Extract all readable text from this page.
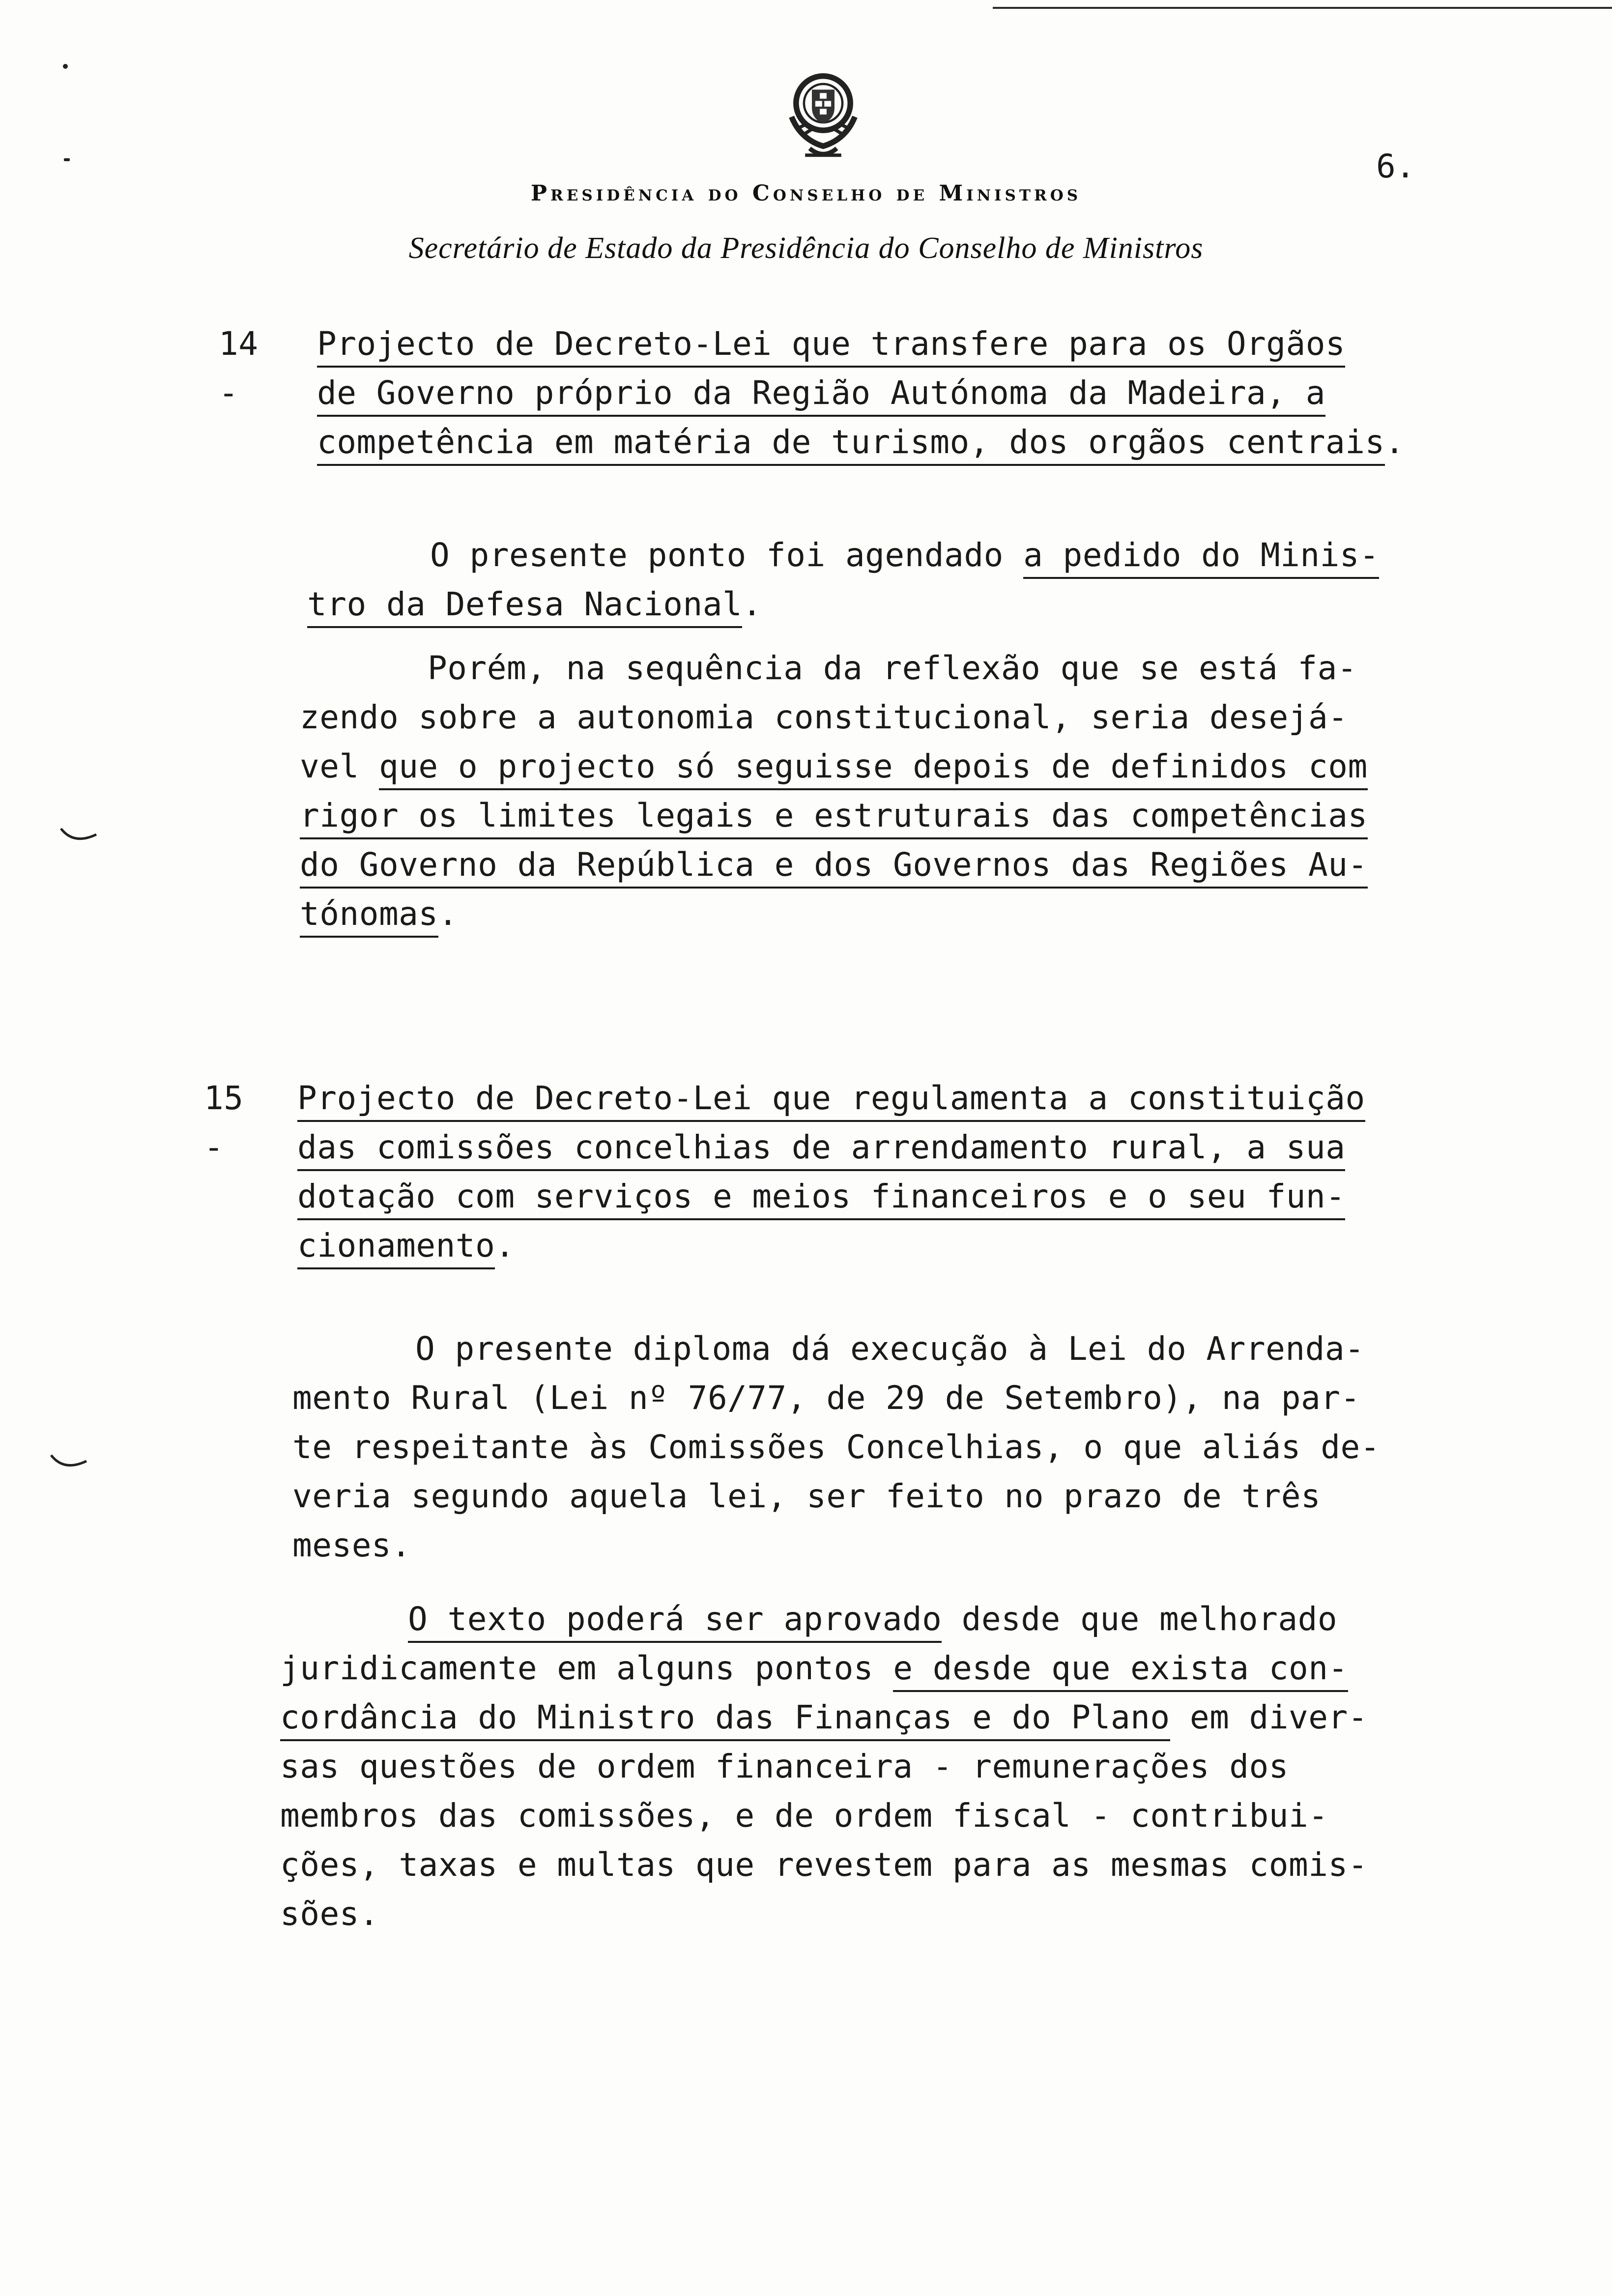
6.
Presidência do Conselho de Ministros
Secretário de Estado da Presidência do Conselho de Ministros
14 -
Projecto de Decreto-Lei que transfere para os Orgãos
de Governo próprio da Região Autónoma da Madeira, a
competência em matéria de turismo, dos orgãos centrais.
O presente ponto foi agendado a pedido do Minis-
tro da Defesa Nacional.
Porém, na sequência da reflexão que se está fa-
zendo sobre a autonomia constitucional, seria desejá-
vel que o projecto só seguisse depois de definidos com
rigor os limites legais e estruturais das competências
do Governo da República e dos Governos das Regiões Au-
tónomas.
15 -
Projecto de Decreto-Lei que regulamenta a constituição
das comissões concelhias de arrendamento rural, a sua
dotação com serviços e meios financeiros e o seu fun-
cionamento.
O presente diploma dá execução à Lei do Arrenda-
mento Rural (Lei nº 76/77, de 29 de Setembro), na par-
te respeitante às Comissões Concelhias, o que aliás de-
veria segundo aquela lei, ser feito no prazo de três
meses.
O texto poderá ser aprovado desde que melhorado
juridicamente em alguns pontos e desde que exista con-
cordância do Ministro das Finanças e do Plano em diver-
sas questões de ordem financeira - remunerações dos
membros das comissões, e de ordem fiscal - contribui-
ções, taxas e multas que revestem para as mesmas comis-
sões.
